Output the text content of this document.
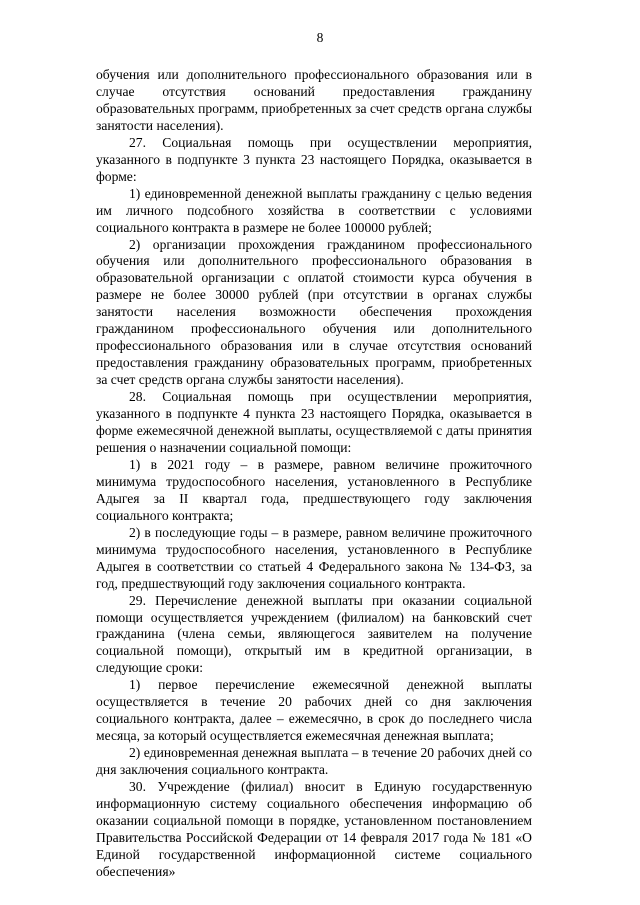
8

обучения или дополнительного профессионального образования или в случае отсутствия оснований предоставления гражданину образовательных программ, приобретенных за счет средств органа службы занятости населения).

27. Социальная помощь при осуществлении мероприятия, указанного в подпункте 3 пункта 23 настоящего Порядка, оказывается в форме:

1) единовременной денежной выплаты гражданину с целью ведения им личного подсобного хозяйства в соответствии с условиями социального контракта в размере не более 100000 рублей;

2) организации прохождения гражданином профессионального обучения или дополнительного профессионального образования в образовательной организации с оплатой стоимости курса обучения в размере не более 30000 рублей (при отсутствии в органах службы занятости населения возможности обеспечения прохождения гражданином профессионального обучения или дополнительного профессионального образования или в случае отсутствия оснований предоставления гражданину образовательных программ, приобретенных за счет средств органа службы занятости населения).

28. Социальная помощь при осуществлении мероприятия, указанного в подпункте 4 пункта 23 настоящего Порядка, оказывается в форме ежемесячной денежной выплаты, осуществляемой с даты принятия решения о назначении социальной помощи:

1) в 2021 году – в размере, равном величине прожиточного минимума трудоспособного населения, установленного в Республике Адыгея за II квартал года, предшествующего году заключения социального контракта;

2) в последующие годы – в размере, равном величине прожиточного минимума трудоспособного населения, установленного в Республике Адыгея в соответствии со статьей 4 Федерального закона № 134-ФЗ, за год, предшествующий году заключения социального контракта.

29. Перечисление денежной выплаты при оказании социальной помощи осуществляется учреждением (филиалом) на банковский счет гражданина (члена семьи, являющегося заявителем на получение социальной помощи), открытый им в кредитной организации, в следующие сроки:

1) первое перечисление ежемесячной денежной выплаты осуществляется в течение 20 рабочих дней со дня заключения социального контракта, далее – ежемесячно, в срок до последнего числа месяца, за который осуществляется ежемесячная денежная выплата;

2) единовременная денежная выплата – в течение 20 рабочих дней со дня заключения социального контракта.

30. Учреждение (филиал) вносит в Единую государственную информационную систему социального обеспечения информацию об оказании социальной помощи в порядке, установленном постановлением Правительства Российской Федерации от 14 февраля 2017 года № 181 «О Единой государственной информационной системе социального обеспечения»
